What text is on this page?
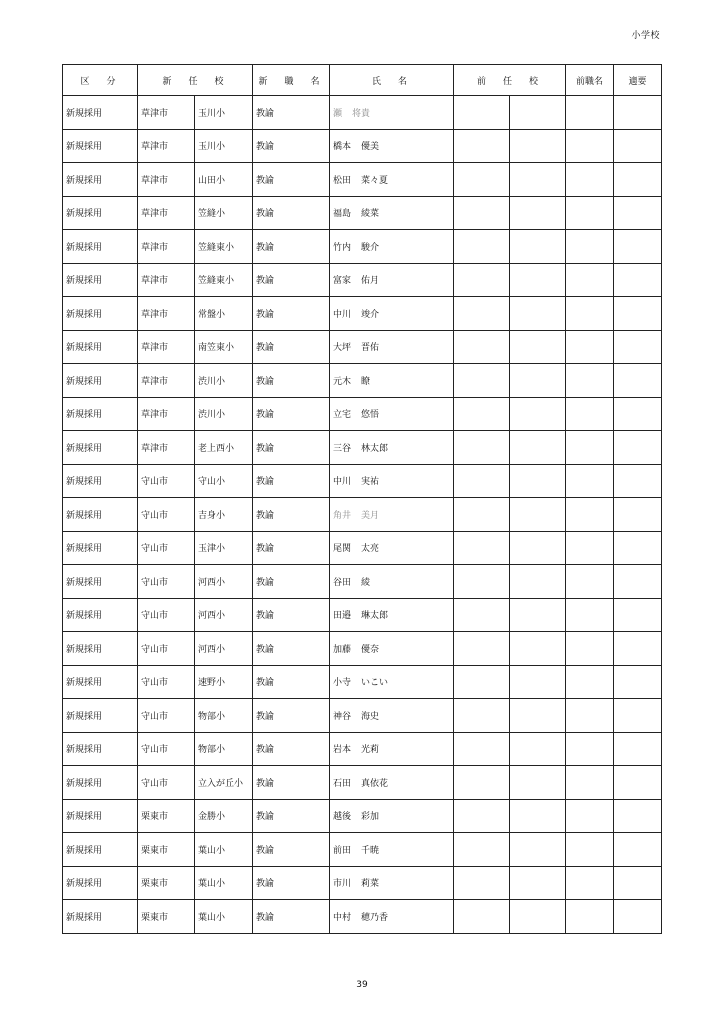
小学校
区　分	新　任　校		新　職　名	氏　名	前　任　校		前職名	適要
新規採用	草津市	玉川小	教諭	瀬 将貴				
新規採用	草津市	玉川小	教諭	橋本 優美				
新規採用	草津市	山田小	教諭	松田 菜々夏				
新規採用	草津市	笠縫小	教諭	福島 綾菜				
新規採用	草津市	笠縫東小	教諭	竹内 駿介				
新規採用	草津市	笠縫東小	教諭	富家 佑月				
新規採用	草津市	常盤小	教諭	中川 竣介				
新規採用	草津市	南笠東小	教諭	大坪 晋佑				
新規採用	草津市	渋川小	教諭	元木 瞭				
新規採用	草津市	渋川小	教諭	立宅 悠悟				
新規採用	草津市	老上西小	教諭	三谷 林太郎				
新規採用	守山市	守山小	教諭	中川 実祐				
新規採用	守山市	吉身小	教諭	角井 美月				
新規採用	守山市	玉津小	教諭	尾関 太亮				
新規採用	守山市	河西小	教諭	谷田 綾				
新規採用	守山市	河西小	教諭	田邉 琳太郎				
新規採用	守山市	河西小	教諭	加藤 優奈				
新規採用	守山市	速野小	教諭	小寺 いこい				
新規採用	守山市	物部小	教諭	神谷 海史				
新規採用	守山市	物部小	教諭	岩本 光莉				
新規採用	守山市	立入が丘小	教諭	石田 真依花				
新規採用	栗東市	金勝小	教諭	越後 彩加				
新規採用	栗東市	葉山小	教諭	前田 千暁				
新規採用	栗東市	葉山小	教諭	市川 莉菜				
新規採用	栗東市	葉山小	教諭	中村 穂乃香				
39
